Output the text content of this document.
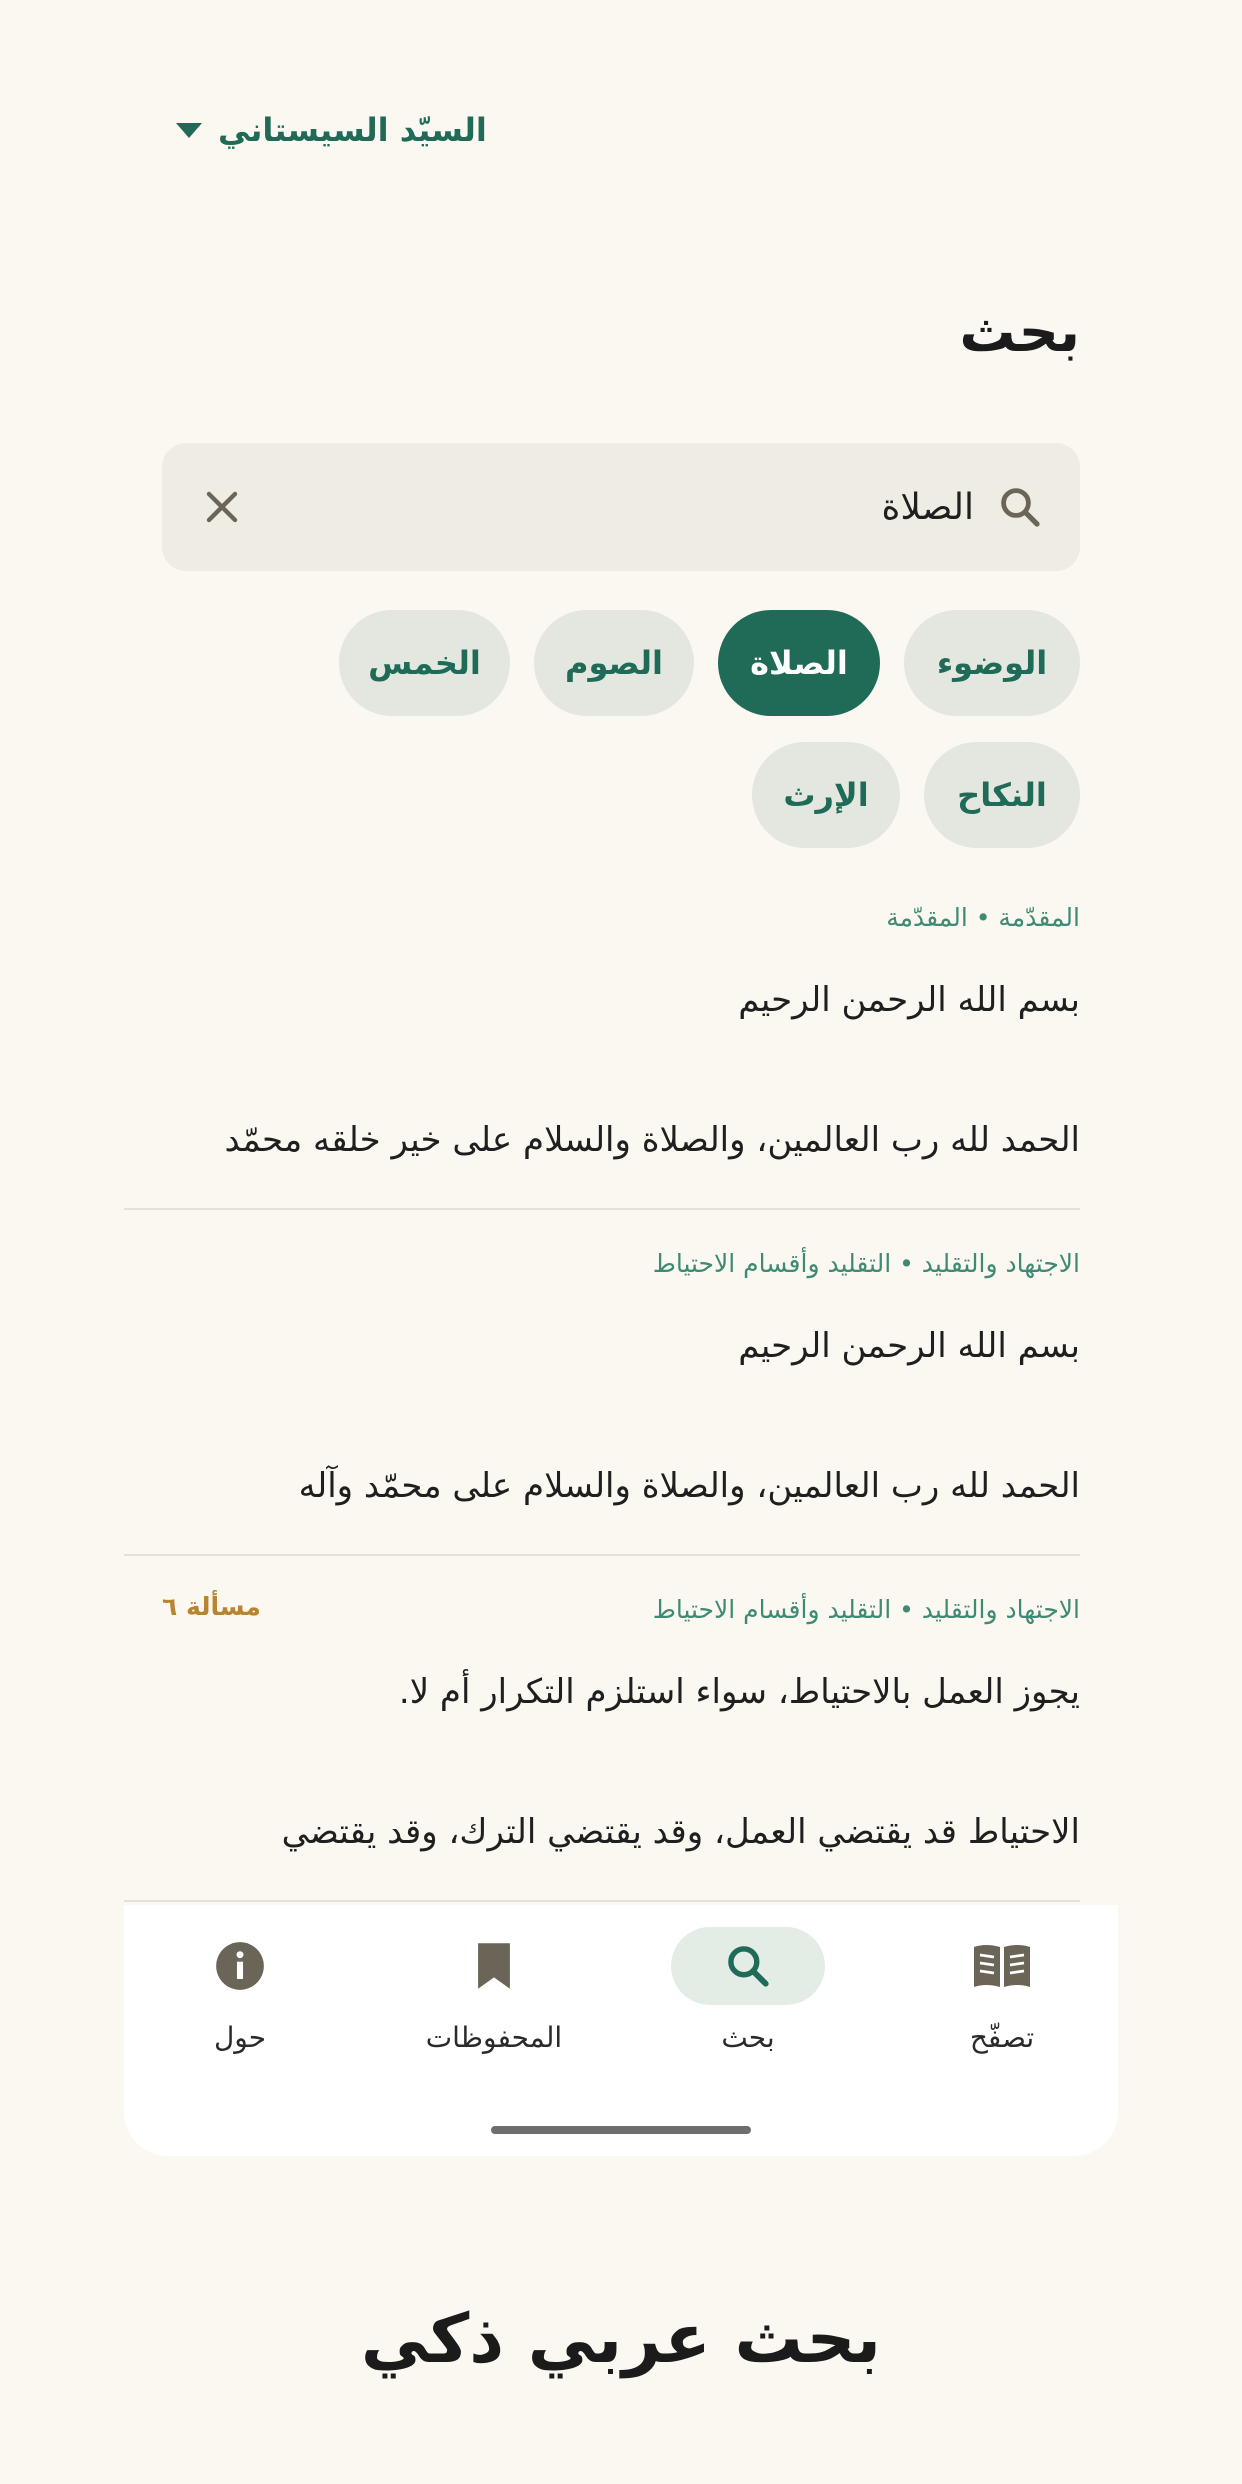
السيّد السيستاني
بحث
الصلاة
الوضوء
الصلاة
الصوم
الخمس
النكاح
الإرث
المقدّمة • المقدّمة
بسم الله الرحمن الرحيم
الحمد لله رب العالمين، والصلاة والسلام على خير خلقه محمّد
الاجتهاد والتقليد • التقليد وأقسام الاحتياط
بسم الله الرحمن الرحيم
الحمد لله رب العالمين، والصلاة والسلام على محمّد وآله
الاجتهاد والتقليد • التقليد وأقسام الاحتياط
مسألة ٦
يجوز العمل بالاحتياط، سواء استلزم التكرار أم لا.
الاحتياط قد يقتضي العمل، وقد يقتضي الترك، وقد يقتضي
تصفّح
بحث
المحفوظات
حول
بحث عربي ذكي
